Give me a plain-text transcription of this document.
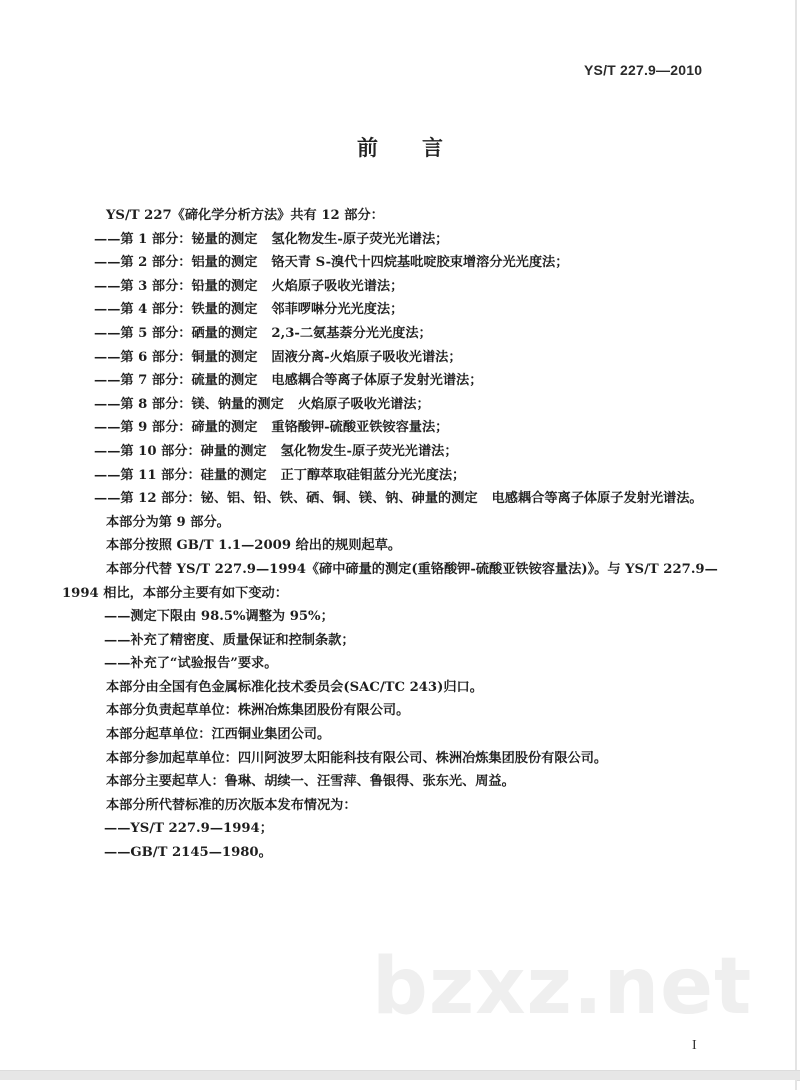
YS/T 227.9—2010
前 言
YS/T 227《碲化学分析方法》共有 12 部分：
——第 1 部分：铋量的测定 氢化物发生-原子荧光光谱法；
——第 2 部分：铝量的测定 铬天青 S-溴代十四烷基吡啶胶束增溶分光光度法；
——第 3 部分：铅量的测定 火焰原子吸收光谱法；
——第 4 部分：铁量的测定 邻菲啰啉分光光度法；
——第 5 部分：硒量的测定 2,3-二氨基萘分光光度法；
——第 6 部分：铜量的测定 固液分离-火焰原子吸收光谱法；
——第 7 部分：硫量的测定 电感耦合等离子体原子发射光谱法；
——第 8 部分：镁、钠量的测定 火焰原子吸收光谱法；
——第 9 部分：碲量的测定 重铬酸钾-硫酸亚铁铵容量法；
——第 10 部分：砷量的测定 氢化物发生-原子荧光光谱法；
——第 11 部分：硅量的测定 正丁醇萃取硅钼蓝分光光度法；
——第 12 部分：铋、铝、铅、铁、硒、铜、镁、钠、砷量的测定 电感耦合等离子体原子发射光谱法。
本部分为第 9 部分。
本部分按照 GB/T 1.1—2009 给出的规则起草。
本部分代替 YS/T 227.9—1994《碲中碲量的测定(重铬酸钾-硫酸亚铁铵容量法)》。与 YS/T 227.9—
1994 相比，本部分主要有如下变动：
——测定下限由 98.5%调整为 95%；
——补充了精密度、质量保证和控制条款；
——补充了“试验报告”要求。
本部分由全国有色金属标准化技术委员会(SAC/TC 243)归口。
本部分负责起草单位：株洲冶炼集团股份有限公司。
本部分起草单位：江西铜业集团公司。
本部分参加起草单位：四川阿波罗太阳能科技有限公司、株洲冶炼集团股份有限公司。
本部分主要起草人：鲁琳、胡续一、汪雪萍、鲁银得、张东光、周益。
本部分所代替标准的历次版本发布情况为：
——YS/T 227.9—1994；
——GB/T 2145—1980。
bzxz.net
I
